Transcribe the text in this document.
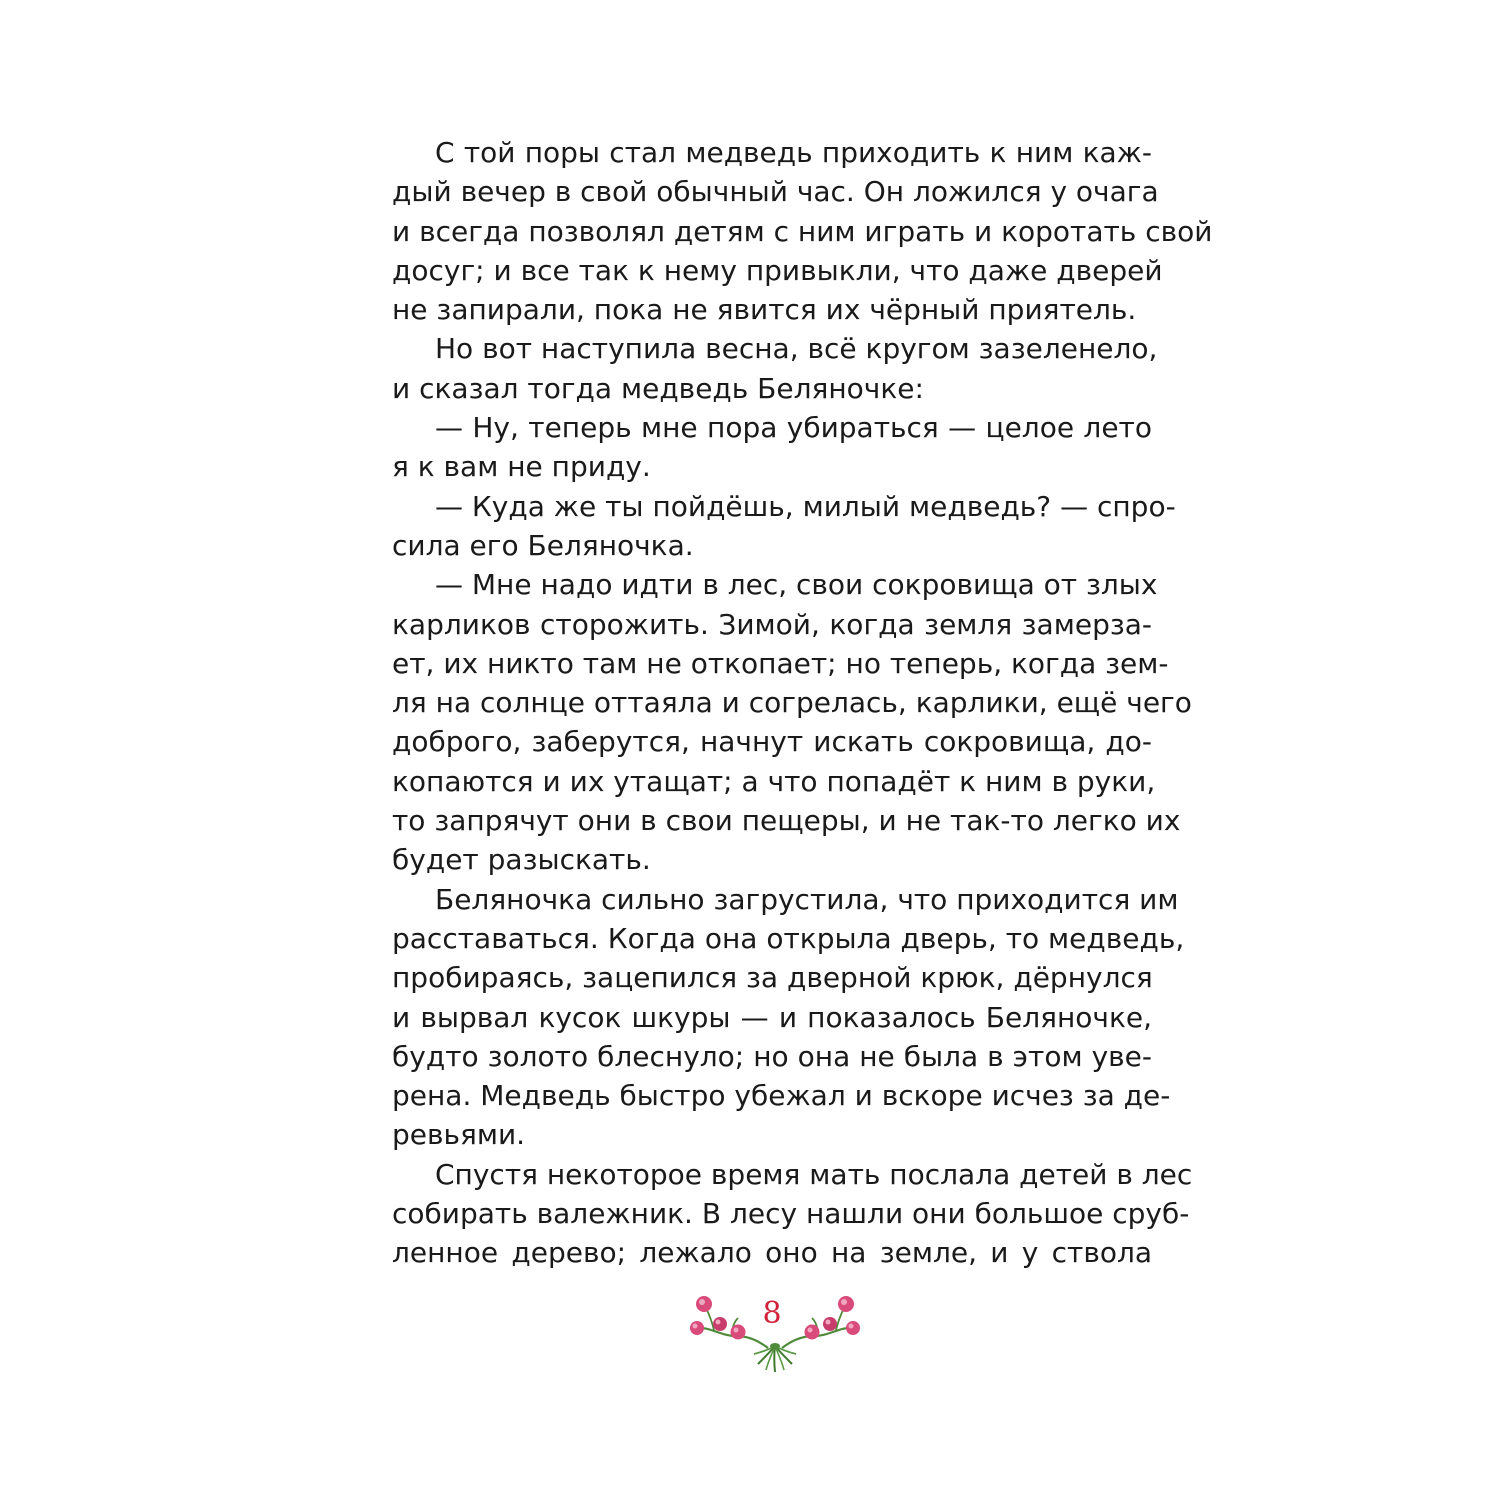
С той поры стал медведь приходить к ним каж-
дый вечер в свой обычный час. Он ложился у очага
и всегда позволял детям с ним играть и коротать свой
досуг; и все так к нему привыкли, что даже дверей
не запирали, пока не явится их чёрный приятель.

Но вот наступила весна, всё кругом зазеленело,
и сказал тогда медведь Беляночке:

— Ну, теперь мне пора убираться — целое лето
я к вам не приду.

— Куда же ты пойдёшь, милый медведь? — спро-
сила его Беляночка.

— Мне надо идти в лес, свои сокровища от злых
карликов сторожить. Зимой, когда земля замерза-
ет, их никто там не откопает; но теперь, когда зем-
ля на солнце оттаяла и согрелась, карлики, ещё чего
доброго, заберутся, начнут искать сокровища, до-
копаются и их утащат; а что попадёт к ним в руки,
то запрячут они в свои пещеры, и не так-то легко их
будет разыскать.

Беляночка сильно загрустила, что приходится им
расставаться. Когда она открыла дверь, то медведь,
пробираясь, зацепился за дверной крюк, дёрнулся
и вырвал кусок шкуры — и показалось Беляночке,
будто золото блеснуло; но она не была в этом уве-
рена. Медведь быстро убежал и вскоре исчез за де-
ревьями.

Спустя некоторое время мать послала детей в лес
собирать валежник. В лесу нашли они большое сруб-
ленное дерево; лежало оно на земле, и у ствола

8
